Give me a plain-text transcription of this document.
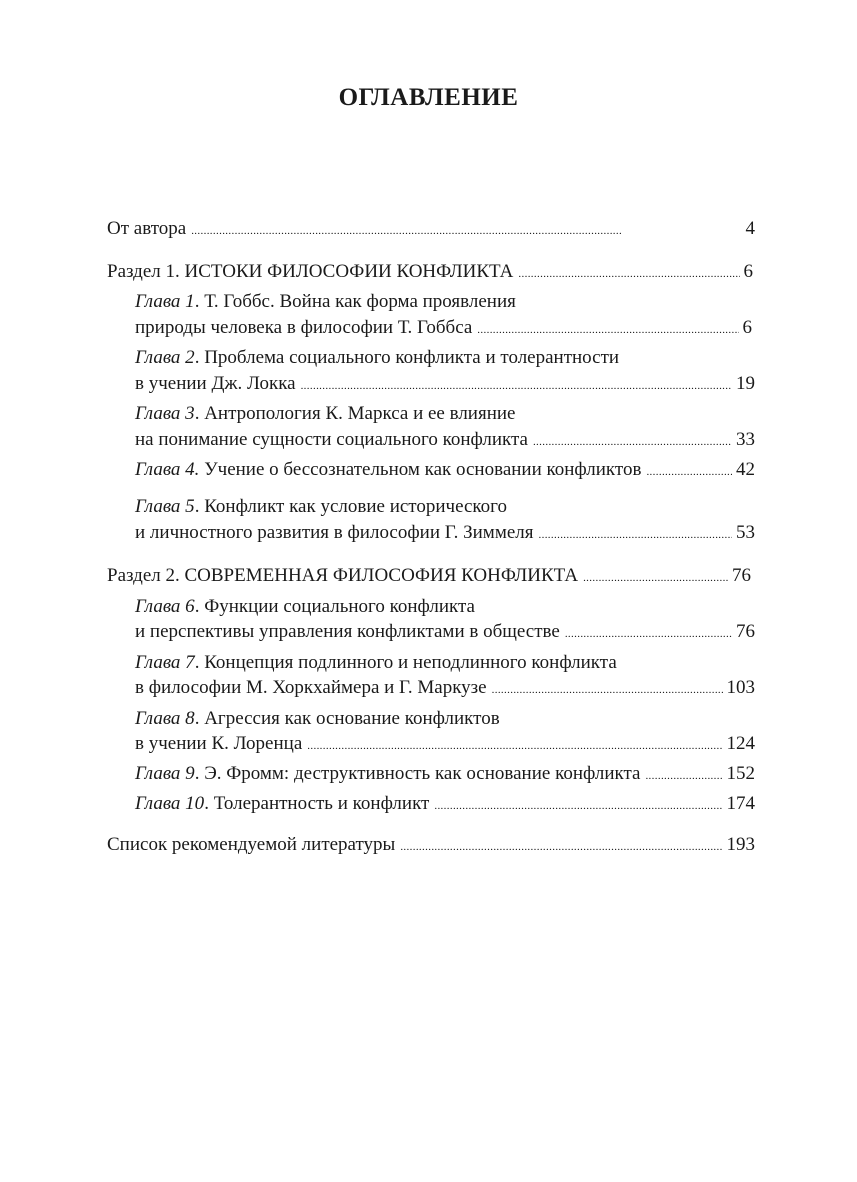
ОГЛАВЛЕНИЕ
От автора . . .	4
Раздел 1. ИСТОКИ ФИЛОСОФИИ КОНФЛИКТА . . .	6
Глава 1. Т. Гоббс. Война как форма проявления
природы человека в философии Т. Гоббса . . .	6
Глава 2. Проблема социального конфликта и толерантности
в учении Дж. Локка . . .	19
Глава 3. Антропология К. Маркса и ее влияние
на понимание сущности социального конфликта . . .	33
Глава 4. Учение о бессознательном как основании конфликтов . . .	42
Глава 5. Конфликт как условие исторического
и личностного развития в философии Г. Зиммеля . . .	53
Раздел 2. СОВРЕМЕННАЯ ФИЛОСОФИЯ КОНФЛИКТА . . .	76
Глава 6. Функции социального конфликта
и перспективы управления конфликтами в обществе . . .	76
Глава 7. Концепция подлинного и неподлинного конфликта
в философии М. Хоркхаймера и Г. Маркузе . . .	103
Глава 8. Агрессия как основание конфликтов
в учении К. Лоренца . . .	124
Глава 9. Э. Фромм: деструктивность как основание конфликта . . .	152
Глава 10. Толерантность и конфликт . . .	174
Список рекомендуемой литературы . . .	193
